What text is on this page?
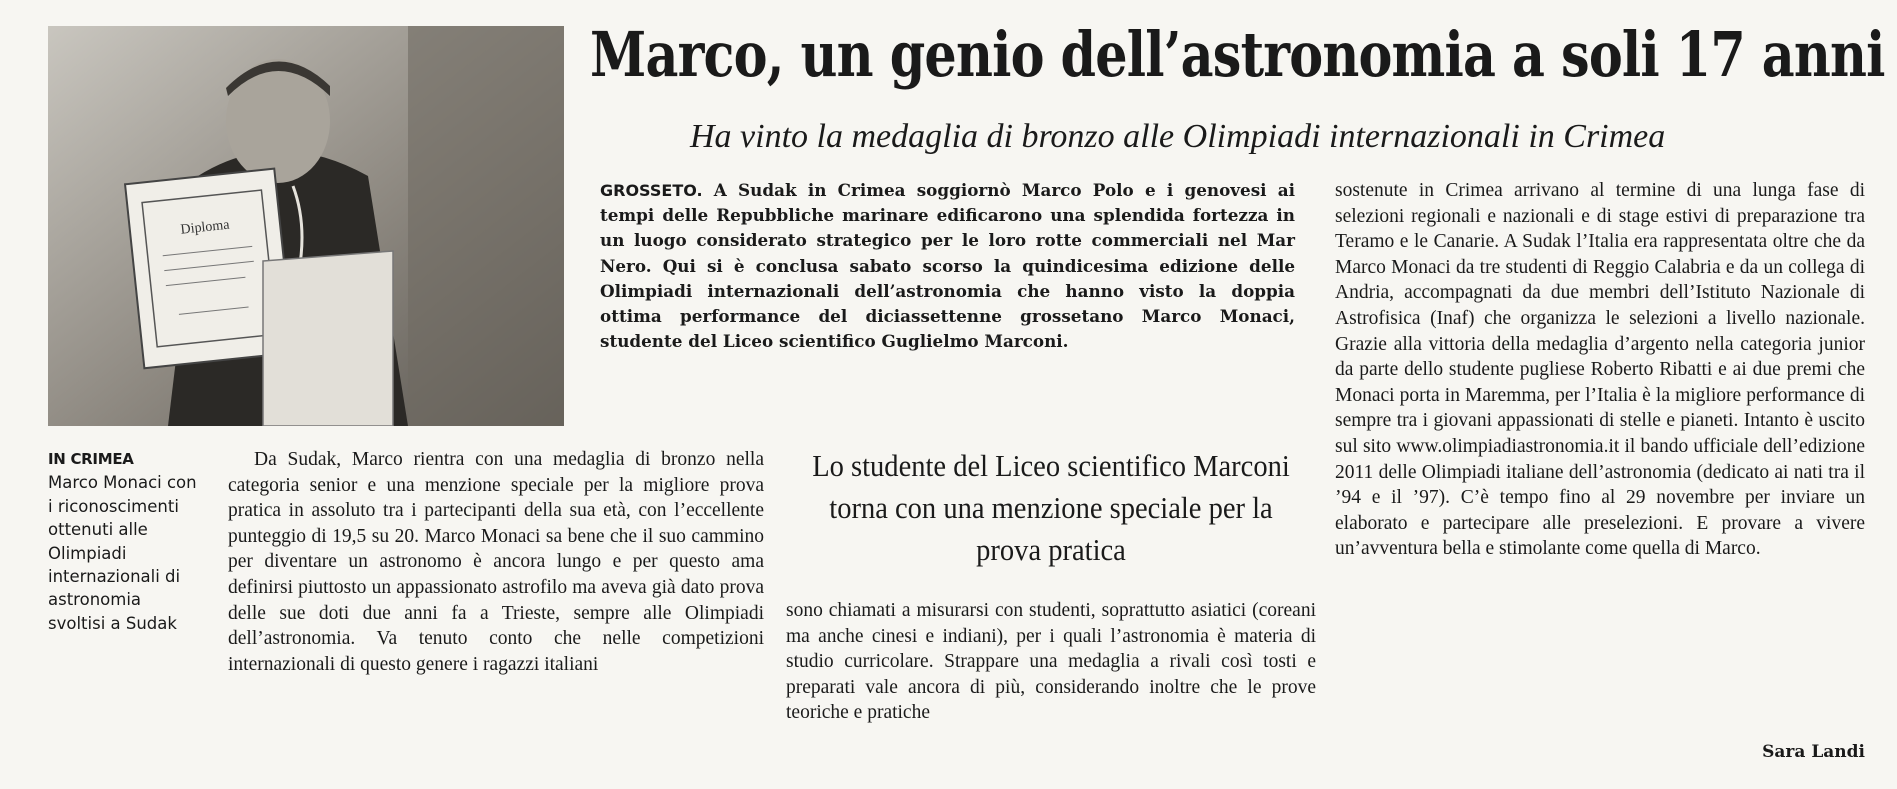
Diploma
Marco, un genio dell’astronomia a soli 17 anni
Ha vinto la medaglia di bronzo alle Olimpiadi internazionali in Crimea

GROSSETO. A Sudak in Crimea soggiornò Marco Polo e i genovesi ai tempi delle Repubbliche marinare edificarono una splendida fortezza in un luogo considerato strategico per le loro rotte commerciali nel Mar Nero. Qui si è conclusa sabato scorso la quindicesima edizione delle Olimpiadi internazionali dell’astronomia che hanno visto la doppia ottima performance del diciassettenne grossetano Marco Monaci, studente del Liceo scientifico Guglielmo Marconi.

sostenute in Crimea arrivano al termine di una lunga fase di selezioni regionali e nazionali e di stage estivi di preparazione tra Teramo e le Canarie. A Sudak l’Italia era rappresentata oltre che da Marco Monaci da tre studenti di Reggio Calabria e da un collega di Andria, accompagnati da due membri dell’Istituto Nazionale di Astrofisica (Inaf) che organizza le selezioni a livello nazionale. Grazie alla vittoria della medaglia d’argento nella categoria junior da parte dello studente pugliese Roberto Ribatti e ai due premi che Monaci porta in Maremma, per l’Italia è la migliore performance di sempre tra i giovani appassionati di stelle e pianeti. Intanto è uscito sul sito www.olimpiadiastronomia.it il bando ufficiale dell’edizione 2011 delle Olimpiadi italiane dell’astronomia (dedicato ai nati tra il ’94 e il ’97). C’è tempo fino al 29 novembre per inviare un elaborato e partecipare alle preselezioni. E provare a vivere un’avventura bella e stimolante come quella di Marco.

IN CRIMEA
Marco Monaci con i riconoscimenti ottenuti alle Olimpiadi internazionali di astronomia svoltisi a Sudak

Da Sudak, Marco rientra con una medaglia di bronzo nella categoria senior e una menzione speciale per la migliore prova pratica in assoluto tra i partecipanti della sua età, con l’eccellente punteggio di 19,5 su 20. Marco Monaci sa bene che il suo cammino per diventare un astronomo è ancora lungo e per questo ama definirsi piuttosto un appassionato astrofilo ma aveva già dato prova delle sue doti due anni fa a Trieste, sempre alle Olimpiadi dell’astronomia. Va tenuto conto che nelle competizioni internazionali di questo genere i ragazzi italiani

Lo studente del Liceo scientifico Marconi torna con una menzione speciale per la prova pratica

sono chiamati a misurarsi con studenti, soprattutto asiatici (coreani ma anche cinesi e indiani), per i quali l’astronomia è materia di studio curricolare. Strappare una medaglia a rivali così tosti e preparati vale ancora di più, considerando inoltre che le prove teoriche e pratiche

Sara Landi
